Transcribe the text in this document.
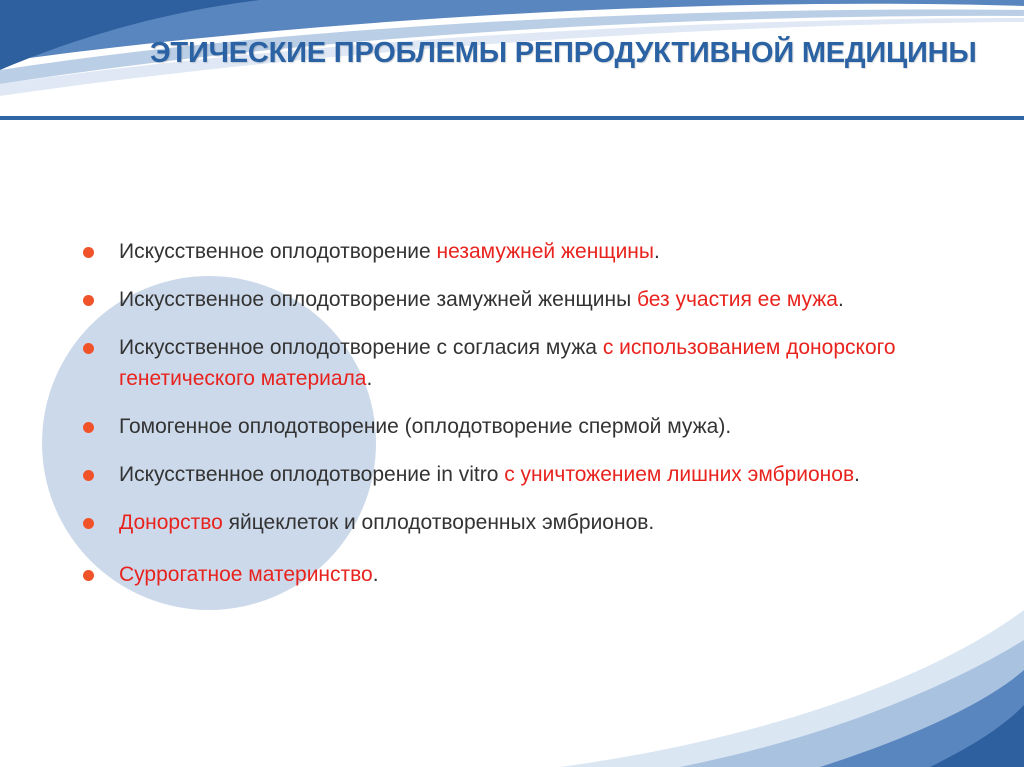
ЭТИЧЕСКИЕ ПРОБЛЕМЫ РЕПРОДУКТИВНОЙ МЕДИЦИНЫ
Искусственное оплодотворение незамужней женщины.
Искусственное оплодотворение замужней женщины без участия ее мужа.
Искусственное оплодотворение с согласия мужа с использованием донорского генетического материала.
Гомогенное оплодотворение (оплодотворение спермой мужа).
Искусственное оплодотворение in vitro с уничтожением лишних эмбрионов.
Донорство яйцеклеток и оплодотворенных эмбрионов.
Суррогатное материнство.
